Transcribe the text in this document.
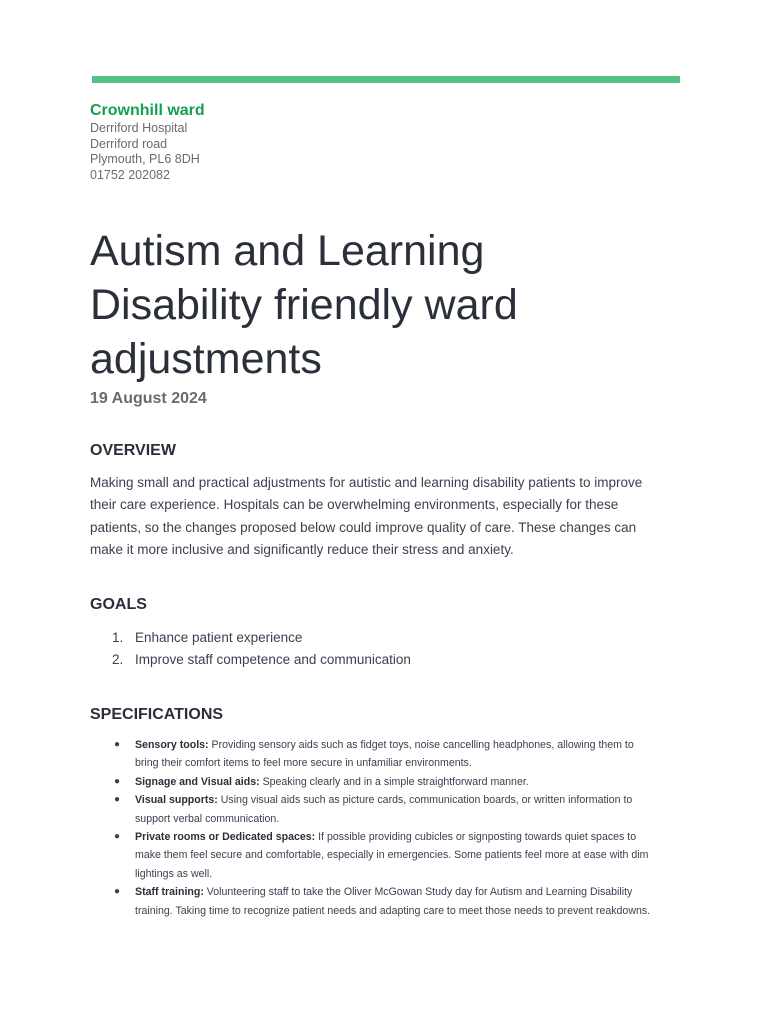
Crownhill ward
Derriford Hospital
Derriford road
Plymouth, PL6 8DH
01752 202082
Autism and Learning Disability friendly ward adjustments
19 August 2024
OVERVIEW

Making small and practical adjustments for autistic and learning disability patients to improve their care experience. Hospitals can be overwhelming environments, especially for these patients, so the changes proposed below could improve quality of care. These changes can make it more inclusive and significantly reduce their stress and anxiety.

GOALS
1. Enhance patient experience
2. Improve staff competence and communication
SPECIFICATIONS
● Sensory tools: Providing sensory aids such as fidget toys, noise cancelling headphones, allowing them to bring their comfort items to feel more secure in unfamiliar environments.
● Signage and Visual aids: Speaking clearly and in a simple straightforward manner.
● Visual supports: Using visual aids such as picture cards, communication boards, or written information to support verbal communication.
● Private rooms or Dedicated spaces: If possible providing cubicles or signposting towards quiet spaces to make them feel secure and comfortable, especially in emergencies. Some patients feel more at ease with dim lightings as well.
● Staff training: Volunteering staff to take the Oliver McGowan Study day for Autism and Learning Disability training. Taking time to recognize patient needs and adapting care to meet those needs to prevent reakdowns.
